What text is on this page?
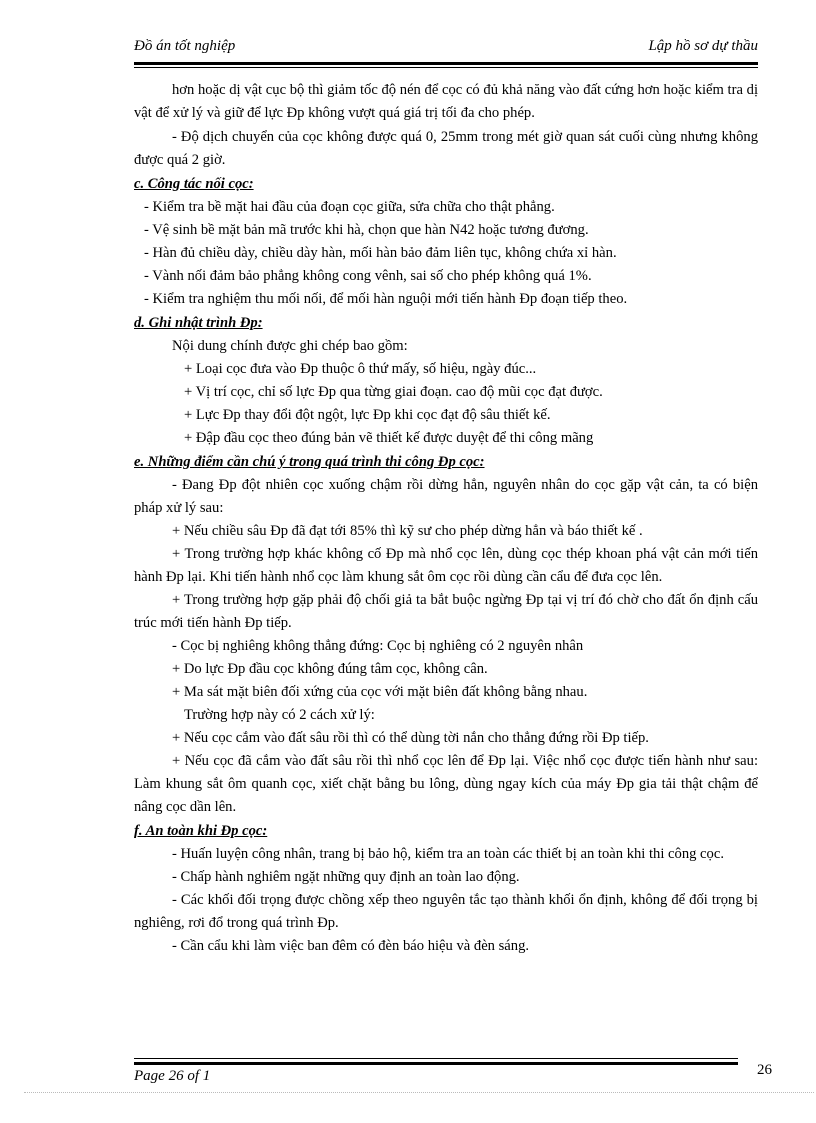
Đồ án tốt nghiệp	Lập hồ sơ dự thầu

hơn hoặc dị vật cục bộ thì giảm tốc độ nén để cọc có đủ khả năng vào đất cứng hơn hoặc kiểm tra dị vật để xử lý và giữ để lực Đp không vượt quá giá trị tối đa cho phép.

- Độ dịch chuyển của cọc không được quá 0, 25mm trong mét giờ quan sát cuối cùng nhưng không được quá 2 giờ.

c. Công tác nối cọc:

- Kiểm tra bề mặt hai đầu của đoạn cọc giữa, sửa chữa cho thật phẳng.

- Vệ sinh bề mặt bản mã trước khi hà, chọn que hàn N42 hoặc tương đương.

- Hàn đủ chiều dày, chiều dày hàn, mối hàn bảo đảm liên tục, không chứa xỉ hàn.

- Vành nối đảm bảo phẳng không cong vênh, sai số cho phép không quá 1%.

- Kiểm tra nghiệm thu mối nối, để mối hàn nguội mới tiến hành Đp đoạn tiếp theo.

d. Ghi nhật trình Đp:

Nội dung chính được ghi chép bao gồm:

+ Loại cọc đưa vào Đp thuộc ô thứ mấy, số hiệu, ngày đúc...

+ Vị trí cọc, chỉ số lực Đp qua từng giai đoạn. cao độ mũi cọc đạt được.

+ Lực Đp thay đổi đột ngột, lực Đp khi cọc đạt độ sâu thiết kế.

+ Đập đầu cọc theo đúng bản vẽ thiết kế được duyệt để thi công mãng

e. Những điểm cần chú ý trong quá trình thi công Đp cọc:

- Đang Đp đột nhiên cọc xuống chậm rồi dừng hẳn, nguyên nhân do cọc gặp vật cản, ta có biện pháp xử lý sau:

+ Nếu chiều sâu Đp đã đạt tới 85% thì kỹ sư cho phép dừng hẳn và báo thiết kế .

+ Trong trường hợp khác không cố Đp mà nhổ cọc lên, dùng cọc thép khoan phá vật cản mới tiến hành Đp lại. Khi tiến hành nhổ cọc làm khung sắt ôm cọc rồi dùng cần cẩu để đưa cọc lên.

+ Trong trường hợp gặp phải độ chối giả ta bắt buộc ngừng Đp tại vị trí đó chờ cho đất ổn định cấu trúc mới tiến hành Đp tiếp.

- Cọc bị nghiêng không thẳng đứng: Cọc bị nghiêng có 2 nguyên nhân

+ Do lực Đp đầu cọc không đúng tâm cọc, không cân.

+ Ma sát mặt biên đối xứng của cọc với mặt biên đất không bằng nhau.

Trường hợp này có 2 cách xử lý:

+ Nếu cọc cắm vào đất sâu rồi thì có thể dùng tời nắn cho thẳng đứng rồi Đp tiếp.

+ Nếu cọc đã cắm vào đất sâu rồi thì nhổ cọc lên để Đp lại. Việc nhổ cọc được tiến hành như sau: Làm khung sắt ôm quanh cọc, xiết chặt bằng bu lông, dùng ngay kích của máy Đp gia tải thật chậm để nâng cọc dần lên.

f. An toàn khi Đp cọc:

- Huấn luyện công nhân, trang bị bảo hộ, kiểm tra an toàn các thiết bị an toàn khi thi công cọc.

- Chấp hành nghiêm ngặt những quy định an toàn lao động.

- Các khối đối trọng được chồng xếp theo nguyên tắc tạo thành khối ổn định, không để đối trọng bị nghiêng, rơi đổ trong quá trình Đp.

- Cần cẩu khi làm việc ban đêm có đèn báo hiệu và đèn sáng.

Page 26 of 1	26
